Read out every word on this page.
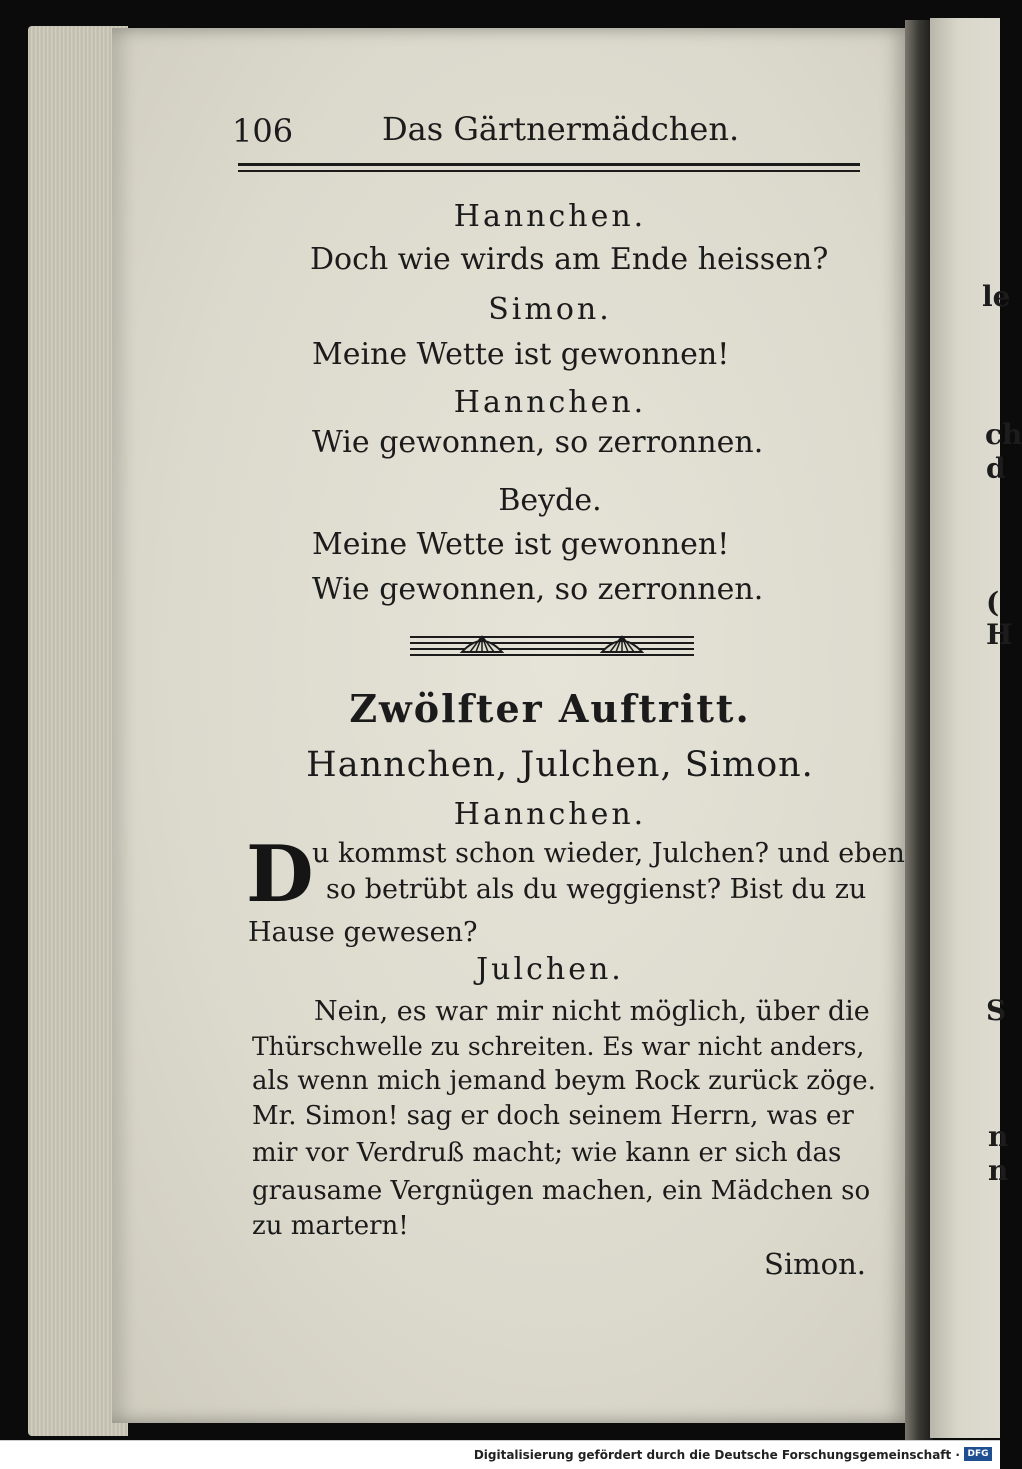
le
ch
d
(
H
S
n
n
106	Das Gärtnermädchen.
Hannchen.
Doch wie wirds am Ende heissen?
Simon.
Meine Wette ist gewonnen!
Hannchen.
Wie gewonnen, so zerronnen.
Beyde.
Meine Wette ist gewonnen!
Wie gewonnen, so zerronnen.
Zwölfter Auftritt.
Hannchen, Julchen, Simon.
Hannchen.
D
u kommst schon wieder, Julchen? und eben
so betrübt als du weggienst? Bist du zu
Hause gewesen?
Julchen.
Nein, es war mir nicht möglich, über die
Thürschwelle zu schreiten. Es war nicht anders,
als wenn mich jemand beym Rock zurück zöge.
Mr. Simon! sag er doch seinem Herrn, was er
mir vor Verdruß macht; wie kann er sich das
grausame Vergnügen machen, ein Mädchen so
zu martern!
Simon.
Digitalisierung gefördert durch die Deutsche Forschungsgemeinschaft · DFG
